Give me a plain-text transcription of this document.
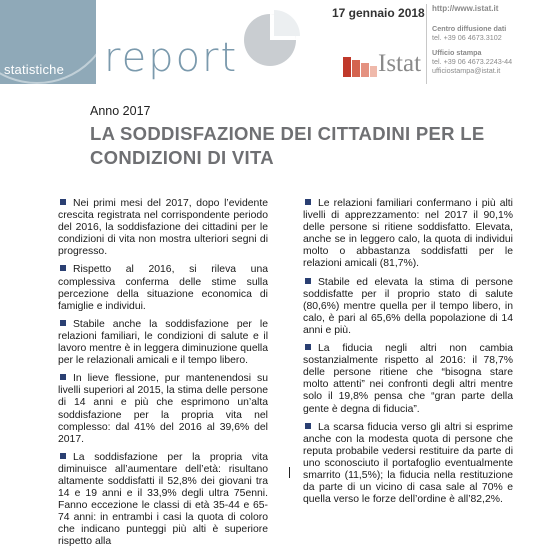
statistiche report
17 gennaio 2018
Istat
http://www.istat.it
Centro diffusione dati
tel. +39 06 4673.3102
Ufficio stampa
tel. +39 06 4673.2243-44
ufficiostampa@istat.it
Anno 2017
LA SODDISFAZIONE DEI CITTADINI PER LE CONDIZIONI DI VITA

Nei primi mesi del 2017, dopo l’evidente crescita registrata nel corrispondente periodo del 2016, la soddisfazione dei cittadini per le condizioni di vita non mostra ulteriori segni di progresso.

Rispetto al 2016, si rileva una complessiva conferma delle stime sulla percezione della situazione economica di famiglie e individui.

Stabile anche la soddisfazione per le relazioni familiari, le condizioni di salute e il lavoro mentre è in leggera diminuzione quella per le relazionali amicali e il tempo libero.

In lieve flessione, pur mantenendosi su livelli superiori al 2015, la stima delle persone di 14 anni e più che esprimono un’alta soddisfazione per la propria vita nel complesso: dal 41% del 2016 al 39,6% del 2017.

La soddisfazione per la propria vita diminuisce all’aumentare dell’età: risultano altamente soddisfatti il 52,8% dei giovani tra 14 e 19 anni e il 33,9% degli ultra 75enni. Fanno eccezione le classi di età 35-44 e 65-74 anni: in entrambi i casi la quota di coloro che indicano punteggi più alti è superiore rispetto alla

Le relazioni familiari confermano i più alti livelli di apprezzamento: nel 2017 il 90,1% delle persone si ritiene soddisfatto. Elevata, anche se in leggero calo, la quota di individui molto o abbastanza soddisfatti per le relazioni amicali (81,7%).

Stabile ed elevata la stima di persone soddisfatte per il proprio stato di salute (80,6%) mentre quella per il tempo libero, in calo, è pari al 65,6% della popolazione di 14 anni e più.

La fiducia negli altri non cambia sostanzialmente rispetto al 2016: il 78,7% delle persone ritiene che “bisogna stare molto attenti” nei confronti degli altri mentre solo il 19,8% pensa che “gran parte della gente è degna di fiducia”.

La scarsa fiducia verso gli altri si esprime anche con la modesta quota di persone che reputa probabile vedersi restituire da parte di uno sconosciuto il portafoglio eventualmente smarrito (11,5%); la fiducia nella restituzione da parte di un vicino di casa sale al 70% e quella verso le forze dell’ordine è all’82,2%.
